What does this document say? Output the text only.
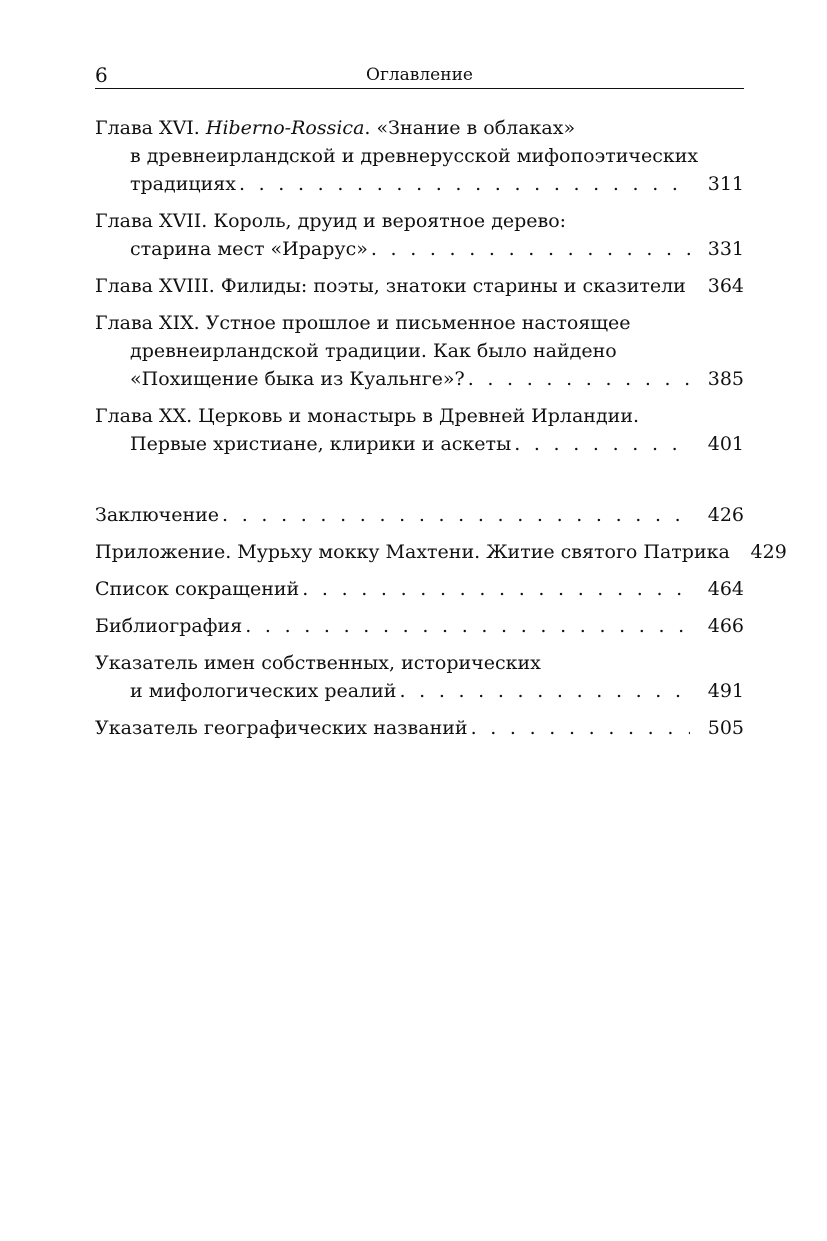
6	Оглавление
Глава XVI. Hiberno-Rossica. «Знание в облаках»
в древнеирландской и древнерусской мифопоэтических
традициях . . .	311
Глава XVII. Король, друид и вероятное дерево:
старина мест «Ирарус» . . .	331
Глава XVIII. Филиды: поэты, знатоки старины и сказители . . .	364
Глава XIX. Устное прошлое и письменное настоящее
древнеирландской традиции. Как было найдено
«Похищение быка из Куальнге»? . . .	385
Глава XX. Церковь и монастырь в Древней Ирландии.
Первые христиане, клирики и аскеты . . .	401
Заключение . . .	426
Приложение. Мурьху мокку Махтени. Житие святого Патрика . . .	429
Список сокращений . . .	464
Библиография . . .	466
Указатель имен собственных, исторических
и мифологических реалий . . .	491
Указатель географических названий . . .	505
